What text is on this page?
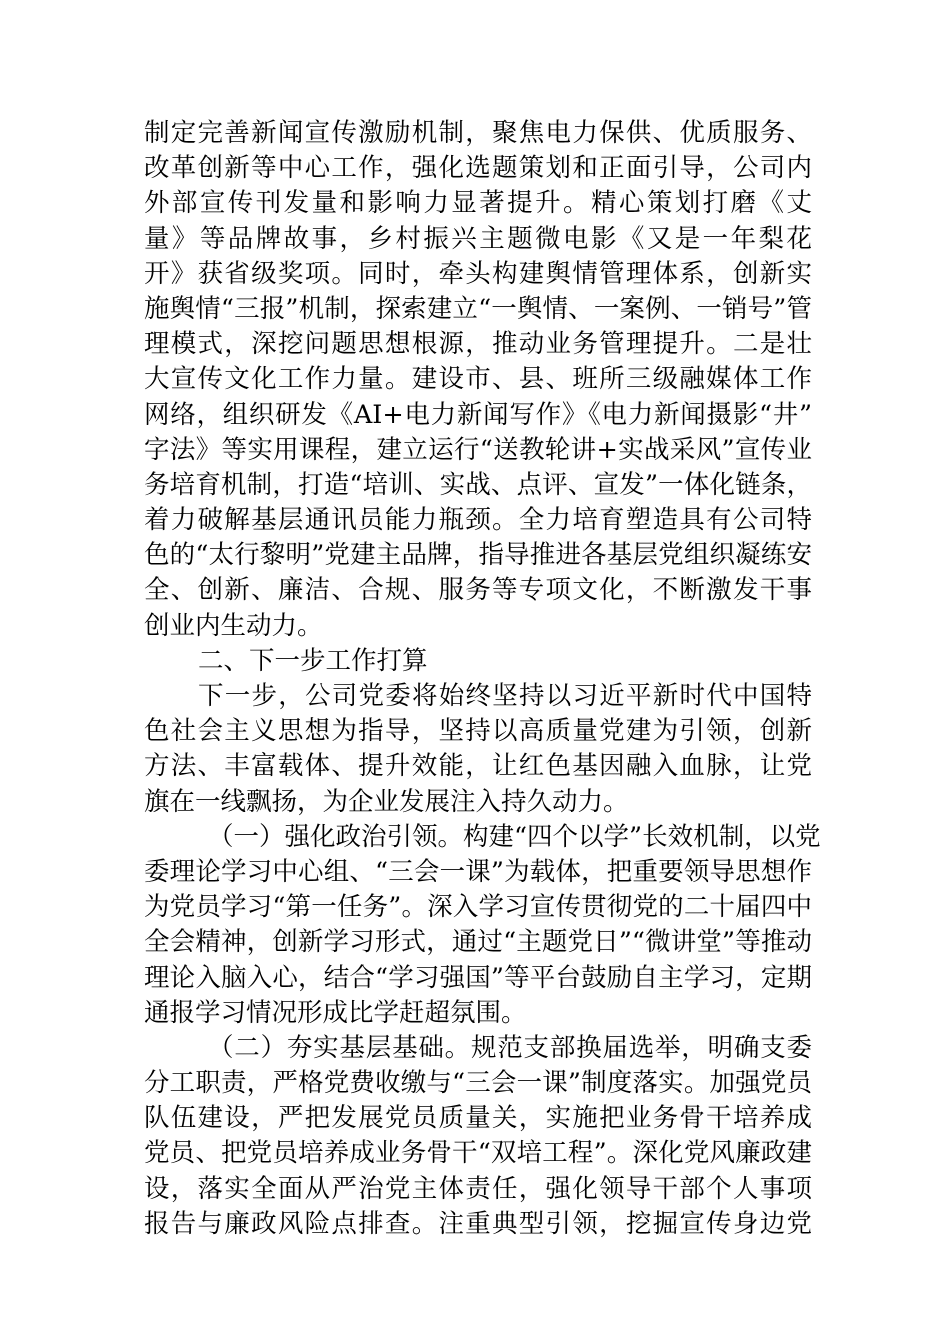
制定完善新闻宣传激励机制，聚焦电力保供、优质服务、
改革创新等中心工作，强化选题策划和正面引导，公司内
外部宣传刊发量和影响力显著提升。精心策划打磨《丈
量》等品牌故事，乡村振兴主题微电影《又是一年梨花
开》获省级奖项。同时，牵头构建舆情管理体系，创新实
施舆情“三报”机制，探索建立“一舆情、一案例、一销号”管
理模式，深挖问题思想根源，推动业务管理提升。二是壮
大宣传文化工作力量。建设市、县、班所三级融媒体工作
网络，组织研发《AI+电力新闻写作》《电力新闻摄影“井”
字法》等实用课程，建立运行“送教轮讲+实战采风”宣传业
务培育机制，打造“培训、实战、点评、宣发”一体化链条，
着力破解基层通讯员能力瓶颈。全力培育塑造具有公司特
色的“太行黎明”党建主品牌，指导推进各基层党组织凝练安
全、创新、廉洁、合规、服务等专项文化，不断激发干事
创业内生动力。
二、下一步工作打算
下一步，公司党委将始终坚持以习近平新时代中国特
色社会主义思想为指导，坚持以高质量党建为引领，创新
方法、丰富载体、提升效能，让红色基因融入血脉，让党
旗在一线飘扬，为企业发展注入持久动力。
（一）强化政治引领。构建“四个以学”长效机制，以党
委理论学习中心组、“三会一课”为载体，把重要领导思想作
为党员学习“第一任务”。深入学习宣传贯彻党的二十届四中
全会精神，创新学习形式，通过“主题党日”“微讲堂”等推动
理论入脑入心，结合“学习强国”等平台鼓励自主学习，定期
通报学习情况形成比学赶超氛围。
（二）夯实基层基础。规范支部换届选举，明确支委
分工职责，严格党费收缴与“三会一课”制度落实。加强党员
队伍建设，严把发展党员质量关，实施把业务骨干培养成
党员、把党员培养成业务骨干“双培工程”。深化党风廉政建
设，落实全面从严治党主体责任，强化领导干部个人事项
报告与廉政风险点排查。注重典型引领，挖掘宣传身边党
